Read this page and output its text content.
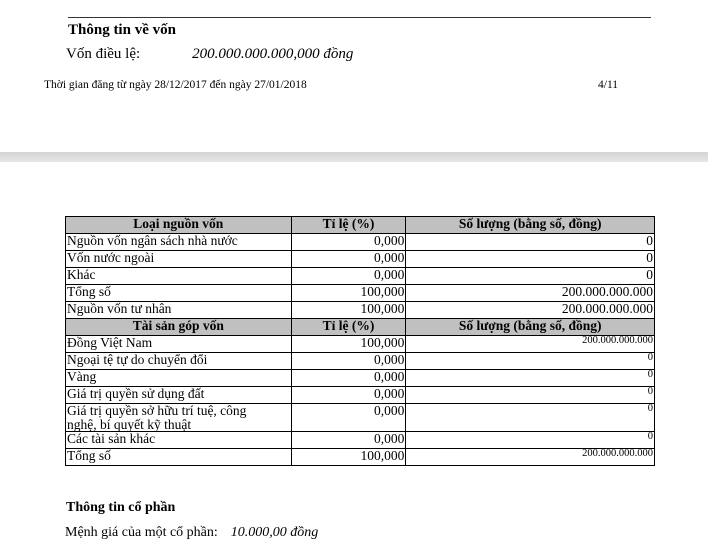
Thông tin về vốn
Vốn điều lệ:	200.000.000.000,000 đồng
Thời gian đăng từ ngày 28/12/2017 đến ngày 27/01/2018	4/11
Loại nguồn vốn	Tỉ lệ (%)	Số lượng (bằng số, đồng)
Nguồn vốn ngân sách nhà nước	0,000	0
Vốn nước ngoài	0,000	0
Khác	0,000	0
Tổng số	100,000	200.000.000.000
Nguồn vốn tư nhân	100,000	200.000.000.000
Tài sản góp vốn	Tỉ lệ (%)	Số lượng (bằng số, đồng)
Đồng Việt Nam	100,000	200.000.000.000
Ngoại tệ tự do chuyển đổi	0,000	0
Vàng	0,000	0
Giá trị quyền sử dụng đất	0,000	0
Giá trị quyền sở hữu trí tuệ, công
nghệ, bí quyết kỹ thuật	0,000	0
Các tài sản khác	0,000	0
Tổng số	100,000	200.000.000.000
Thông tin cổ phần
Mệnh giá của một cổ phần: 10.000,00 đồng
